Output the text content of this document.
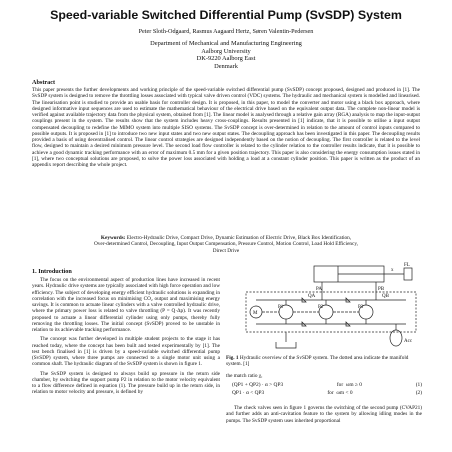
Speed-variable Switched Differential Pump (SvSDP) System
Peter Sloth-Odgaard, Rasmus Aagaard Hertz, Søren Valentin-Pedersen
Department of Mechanical and Manufacturing Engineering
Aalborg University
DK-9220 Aalborg East
Denmark
Abstract
This paper presents the further developments and working principle of the speed-variable switched differential pump (SvSDP) concept proposed, designed and produced in [1]. The SvSDP system is designed to remove the throttling losses associated with typical valve driven control (VDC) systems. The hydraulic and mechanical system is modelled and linearised. The linearisation point is studied to provide an usable basis for controller design. It is proposed, in this paper, to model the converter and motor using a black box approach, where designed informative input sequences are used to estimate the mathematical behaviour of the electrical drive based on the equivalent output data. The complete non-linear model is verified against available trajectory data from the physical system, obtained from [1]. The linear model is analysed through a relative gain array (RGA) analysis to map the input-output couplings present in the system. The results show that the system includes heavy cross-couplings. Results presented in [1] indicate, that it is possible to utilise a input output compensated decoupling to redefine the MIMO system into multiple SISO systems. The SvSDP concept is over-determined in relation to the amount of control inputs compared to possible outputs. It is proposed in [1] to introduce two new input states and two new output states. The decoupling approach has been investigated in this paper. The decoupling results provided a basis of using decentralised control. The linear control strategies are designed independently based on the notion of decoupling. The first controller is related to the level flow, designed to maintain a desired minimum pressure level. The second load flow controller is related to the cylinder relation to the controller results indicate, that it is possible to achieve a good dynamic tracking performance with an error of maximum 0.5 mm for a given position trajectory. This paper is also considering the energy consumption issues stated in [1], where two conceptual solutions are proposed, to solve the power loss associated with holding a load at a constant cylinder position. This paper is written as the product of an appendix report describing the whole project.
Keywords: Electro-Hydraulic Drive, Compact Drive, Dynamic Estimation of Electric Drive, Black Box Identification,
Over-determined Control, Decoupling, Input Output Compensation, Pressure Control, Motion Control, Load Hold Efficiency,
Direct Drive
1. Introduction

The focus on the environmental aspect of production lines have increased in recent years. Hydraulic drive systems are typically associated with high force operation and low efficiency. The subject of developing energy efficient hydraulic solutions is expanding in correlation with the increased focus on minimising CO₂ output and maximising energy savings. It is common to actuate linear cylinders with a valve controlled hydraulic drive, where the primary power loss is related to valve throttling (P = Q·Δp). It was recently proposed to actuate a linear differential cylinder using only pumps, thereby fully removing the throttling losses. The initial concept (SvSDP) proved to be unstable in relation to its achievable tracking performance.

The concept was further developed in multiple student projects to the stage it has reached today, where the concept has been built and tested experimentally by [1]. The test bench finalised in [1] is driven by a speed-variable switched differential pump (SvSDP) system, where three pumps are connected to a single motor unit using a common shaft. The hydraulic diagram of the SvSDP system is shown in figure 1.

The SvSDP system is designed to always build up pressure in the return side chamber, by switching the support pump P2 in relation to the motor velocity equivalent to a flow difference defined in equation (1). The pressure build up in the return side, in relation to motor velocity and pressure, is defined by

PA	PB
QA	QB
FL
x
M
P1	P2	P3
Acc
Fig. 1 Hydraulic overview of the SvSDP system. The dotted area indicate the manifold system. [1]
the match ratio χ,
(QP1 + QP2) · α > QP3	for ωm ≥ 0	(1)
QP1 · α < QP3	for ωm < 0	(2)
The check valves seen in figure 1 governs the switching of the second pump (CVAP21) and further adds an anti-cavitation feature to the system by allowing idling modes in the pumps. The SvSDP system uses inherited proportional
